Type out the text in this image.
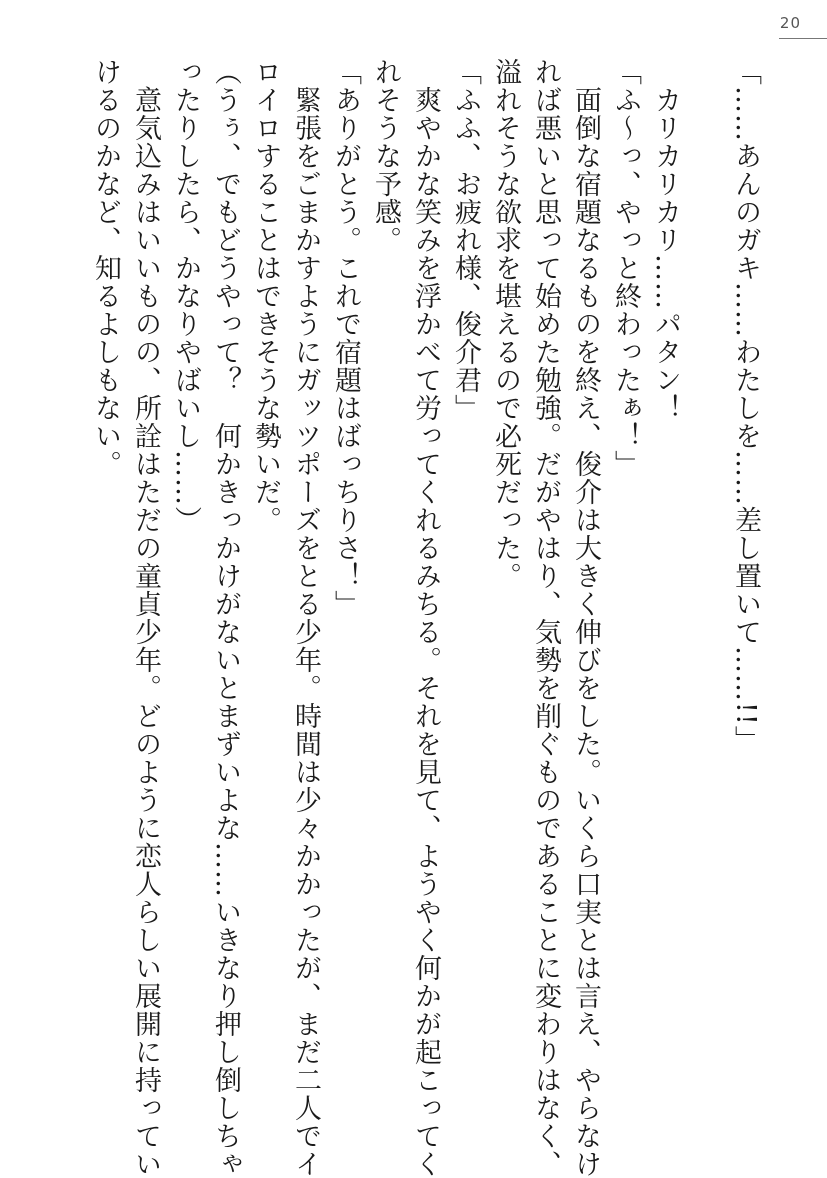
20
「……あんのガキ……わたしを……差し置いて……!!」

　カリカリカリ……パタン！
「ふ～っ、やっと終わったぁ！」
　面倒な宿題なるものを終え、俊介は大きく伸びをした。いくら口実とは言え、やらなけ
れば悪いと思って始めた勉強。だがやはり、気勢を削ぐものであることに変わりはなく、
溢れそうな欲求を堪えるので必死だった。
「ふふ、お疲れ様、俊介君」
　爽やかな笑みを浮かべて労ってくれるみちる。それを見て、ようやく何かが起こってく
れそうな予感。
「ありがとう。これで宿題はばっちりさ！」
　緊張をごまかすようにガッツポーズをとる少年。時間は少々かかったが、まだ二人でイ
ロイロすることはできそうな勢いだ。
（うぅ、でもどうやって？　何かきっかけがないとまずいよな……いきなり押し倒しちゃ
ったりしたら、かなりやばいし……）
　意気込みはいいものの、所詮はただの童貞少年。どのように恋人らしい展開に持ってい
けるのかなど、知るよしもない。
